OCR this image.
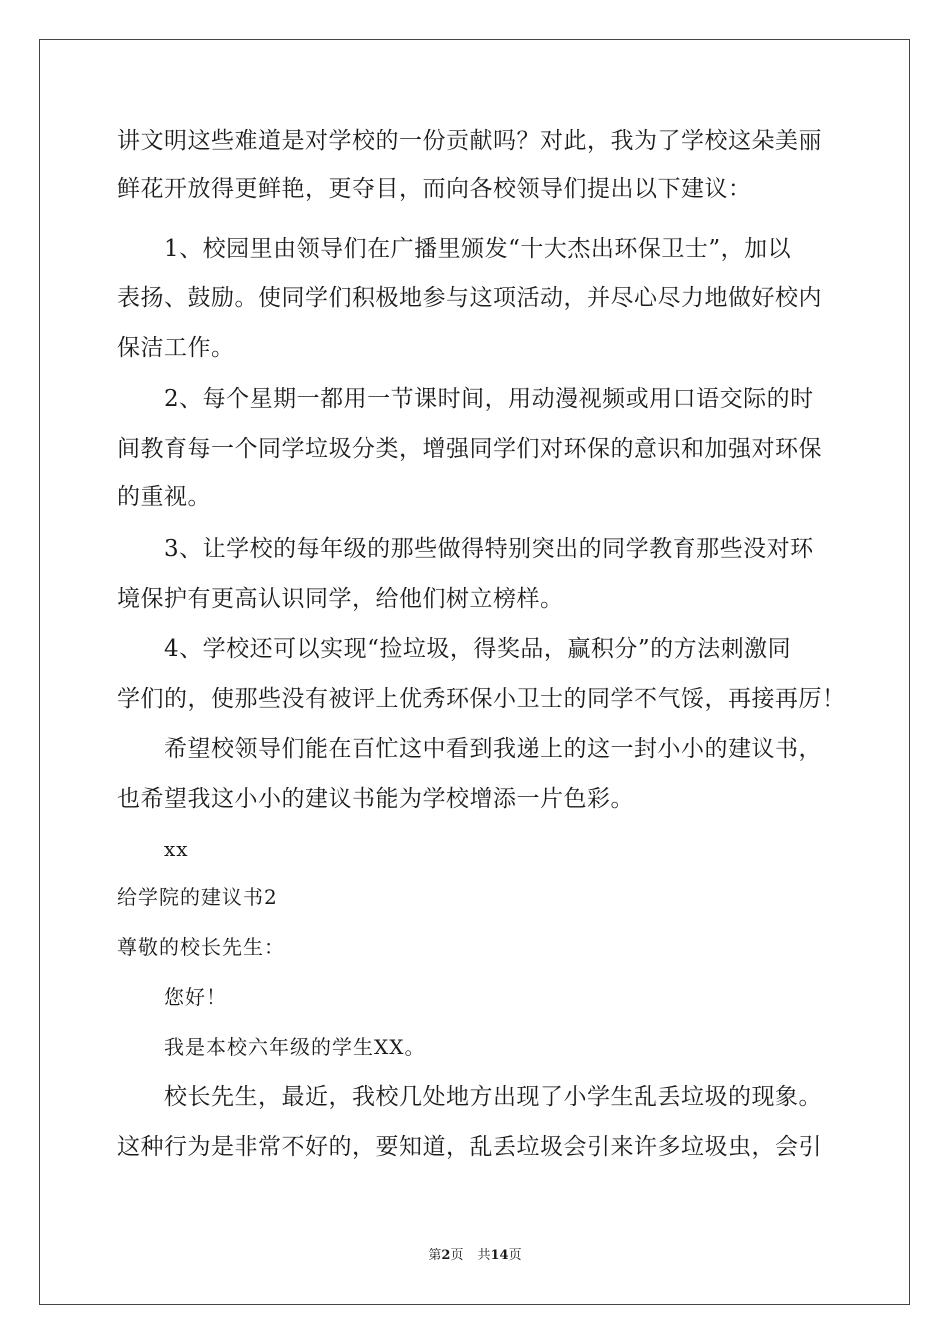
讲文明这些难道是对学校的一份贡献吗？对此，我为了学校这朵美丽
鲜花开放得更鲜艳，更夺目，而向各校领导们提出以下建议：
1、校园里由领导们在广播里颁发“十大杰出环保卫士”，加以
表扬、鼓励。使同学们积极地参与这项活动，并尽心尽力地做好校内
保洁工作。
2、每个星期一都用一节课时间，用动漫视频或用口语交际的时
间教育每一个同学垃圾分类，增强同学们对环保的意识和加强对环保
的重视。
3、让学校的每年级的那些做得特别突出的同学教育那些没对环
境保护有更高认识同学，给他们树立榜样。
4、学校还可以实现“捡垃圾，得奖品，赢积分”的方法刺激同
学们的，使那些没有被评上优秀环保小卫士的同学不气馁，再接再厉！
希望校领导们能在百忙这中看到我递上的这一封小小的建议书，
也希望我这小小的建议书能为学校增添一片色彩。
xx
给学院的建议书2
尊敬的校长先生：
您好！
我是本校六年级的学生XX。
校长先生，最近，我校几处地方出现了小学生乱丢垃圾的现象。
这种行为是非常不好的，要知道，乱丢垃圾会引来许多垃圾虫，会引
第2页 共14页
